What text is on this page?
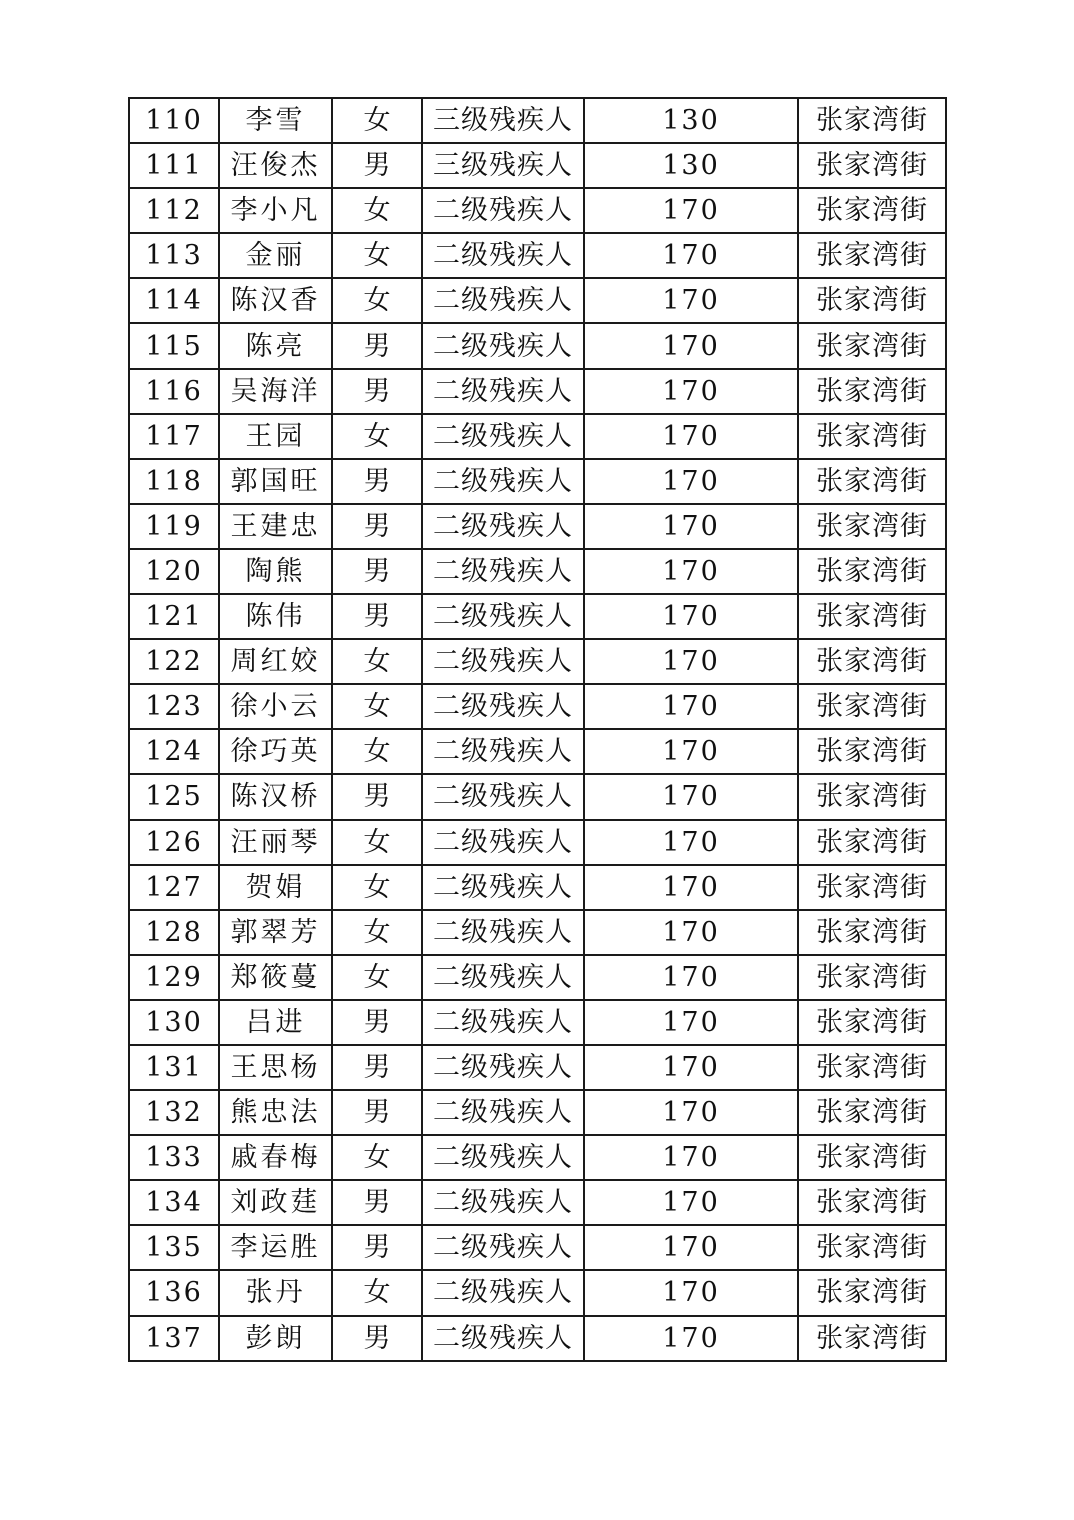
110	李雪	女	三级残疾人	130	张家湾街
111	汪俊杰	男	三级残疾人	130	张家湾街
112	李小凡	女	二级残疾人	170	张家湾街
113	金丽	女	二级残疾人	170	张家湾街
114	陈汉香	女	二级残疾人	170	张家湾街
115	陈亮	男	二级残疾人	170	张家湾街
116	吴海洋	男	二级残疾人	170	张家湾街
117	王园	女	二级残疾人	170	张家湾街
118	郭国旺	男	二级残疾人	170	张家湾街
119	王建忠	男	二级残疾人	170	张家湾街
120	陶熊	男	二级残疾人	170	张家湾街
121	陈伟	男	二级残疾人	170	张家湾街
122	周红姣	女	二级残疾人	170	张家湾街
123	徐小云	女	二级残疾人	170	张家湾街
124	徐巧英	女	二级残疾人	170	张家湾街
125	陈汉桥	男	二级残疾人	170	张家湾街
126	汪丽琴	女	二级残疾人	170	张家湾街
127	贺娟	女	二级残疾人	170	张家湾街
128	郭翠芳	女	二级残疾人	170	张家湾街
129	郑筱蔓	女	二级残疾人	170	张家湾街
130	吕进	男	二级残疾人	170	张家湾街
131	王思杨	男	二级残疾人	170	张家湾街
132	熊忠法	男	二级残疾人	170	张家湾街
133	戚春梅	女	二级残疾人	170	张家湾街
134	刘政莛	男	二级残疾人	170	张家湾街
135	李运胜	男	二级残疾人	170	张家湾街
136	张丹	女	二级残疾人	170	张家湾街
137	彭朗	男	二级残疾人	170	张家湾街
